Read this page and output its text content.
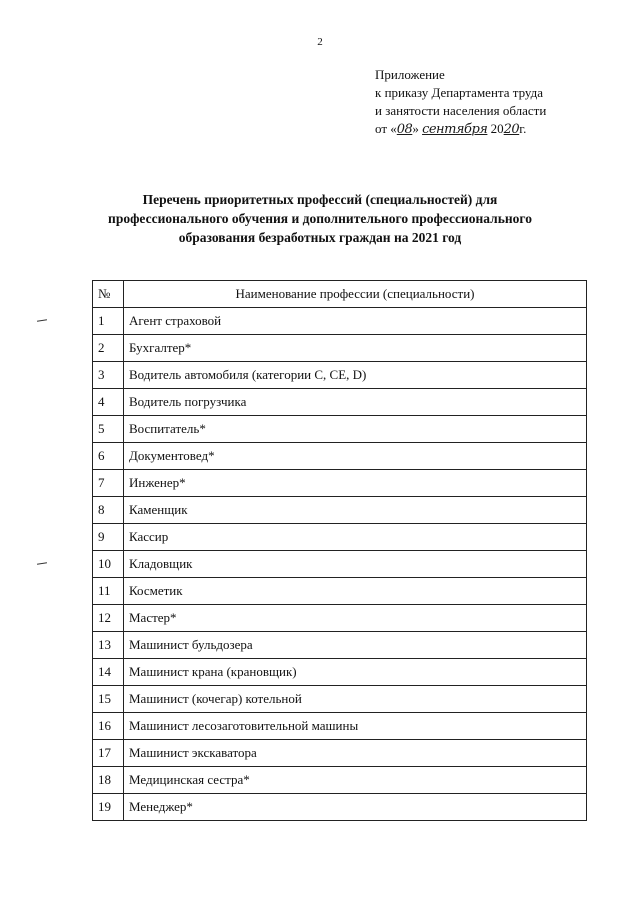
2
Приложение
к приказу Департамента труда
и занятости населения области
от «08» сентября 2020г.
Перечень приоритетных профессий (специальностей) для
профессионального обучения и дополнительного профессионального
образования безработных граждан на 2021 год
№	Наименование профессии (специальности)
1	Агент страховой
2	Бухгалтер*
3	Водитель автомобиля (категории С, СЕ, D)
4	Водитель погрузчика
5	Воспитатель*
6	Документовед*
7	Инженер*
8	Каменщик
9	Кассир
10	Кладовщик
11	Косметик
12	Мастер*
13	Машинист бульдозера
14	Машинист крана (крановщик)
15	Машинист (кочегар) котельной
16	Машинист лесозаготовительной машины
17	Машинист экскаватора
18	Медицинская сестра*
19	Менеджер*
